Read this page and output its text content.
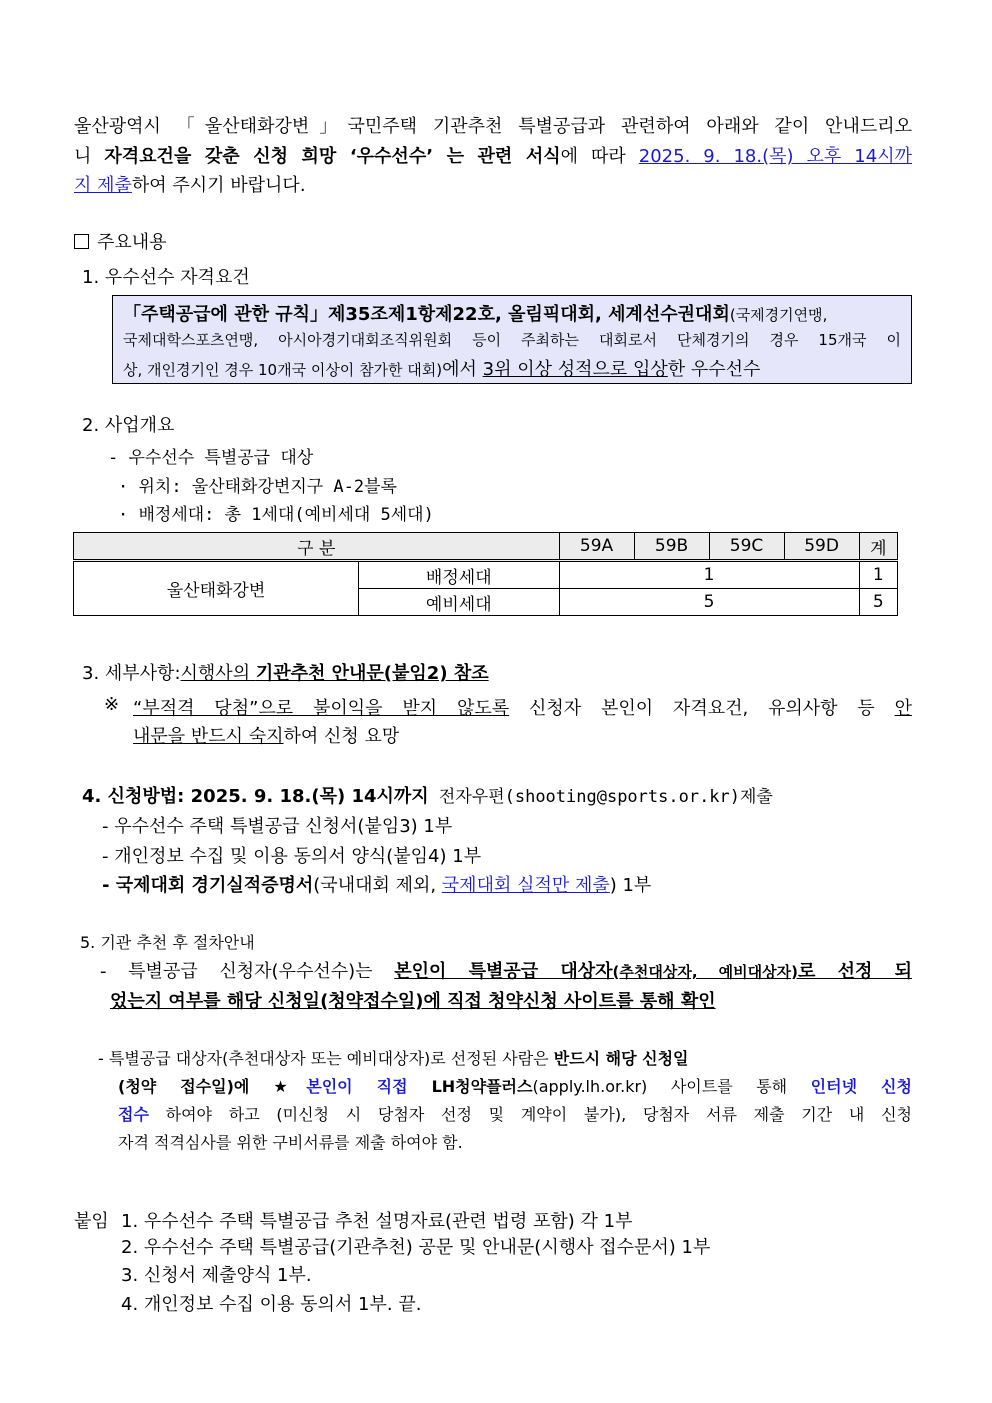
울산광역시 「울산태화강변」국민주택 기관추천 특별공급과 관련하여 아래와 같이 안내드리오
니 자격요건을 갖춘 신청 희망 ‘우수선수’ 는 관련 서식에 따라 2025. 9. 18.(목) 오후 14시까
지 제출하여 주시기 바랍니다.
주요내용
1. 우수선수 자격요건
「주택공급에 관한 규칙」제35조제1항제22호, 올림픽대회, 세계선수권대회(국제경기연맹,
국제대학스포츠연맹, 아시아경기대회조직위원회 등이 주최하는 대회로서 단체경기의 경우 15개국 이
상, 개인경기인 경우 10개국 이상이 참가한 대회)에서 3위 이상 성적으로 입상한 우수선수
2. 사업개요
- 우수선수 특별공급 대상
· 위치: 울산태화강변지구 A-2블록
· 배정세대: 총 1세대(예비세대 5세대)
구 분		59A	59B	59C	59D	계
울산태화강변	배정세대	1				1
	예비세대	5				5
3. 세부사항:시행사의 기관추천 안내문(붙임2) 참조
※ “부적격 당첨”으로 불이익을 받지 않도록 신청자 본인이 자격요건, 유의사항 등 안
내문을 반드시 숙지하여 신청 요망
4. 신청방법: 2025. 9. 18.(목) 14시까지 전자우편(shooting@sports.or.kr)제출
- 우수선수 주택 특별공급 신청서(붙임3) 1부
- 개인정보 수집 및 이용 동의서 양식(붙임4) 1부
- 국제대회 경기실적증명서(국내대회 제외, 국제대회 실적만 제출) 1부
5. 기관 추천 후 절차안내
- 특별공급 신청자(우수선수)는 본인이 특별공급 대상자(추천대상자, 예비대상자)로 선정 되
었는지 여부를 해당 신청일(청약접수일)에 직접 청약신청 사이트를 통해 확인
- 특별공급 대상자(추천대상자 또는 예비대상자)로 선정된 사람은 반드시 해당 신청일
(청약 접수일)에 ★본인이 직접 LH청약플러스(apply.lh.or.kr) 사이트를 통해 인터넷 신청
접수 하여야 하고 (미신청 시 당첨자 선정 및 계약이 불가), 당첨자 서류 제출 기간 내 신청
자격 적격심사를 위한 구비서류를 제출 하여야 함.
붙임 1. 우수선수 주택 특별공급 추천 설명자료(관련 법령 포함) 각 1부
2. 우수선수 주택 특별공급(기관추천) 공문 및 안내문(시행사 접수문서) 1부
3. 신청서 제출양식 1부.
4. 개인정보 수집 이용 동의서 1부. 끝.
